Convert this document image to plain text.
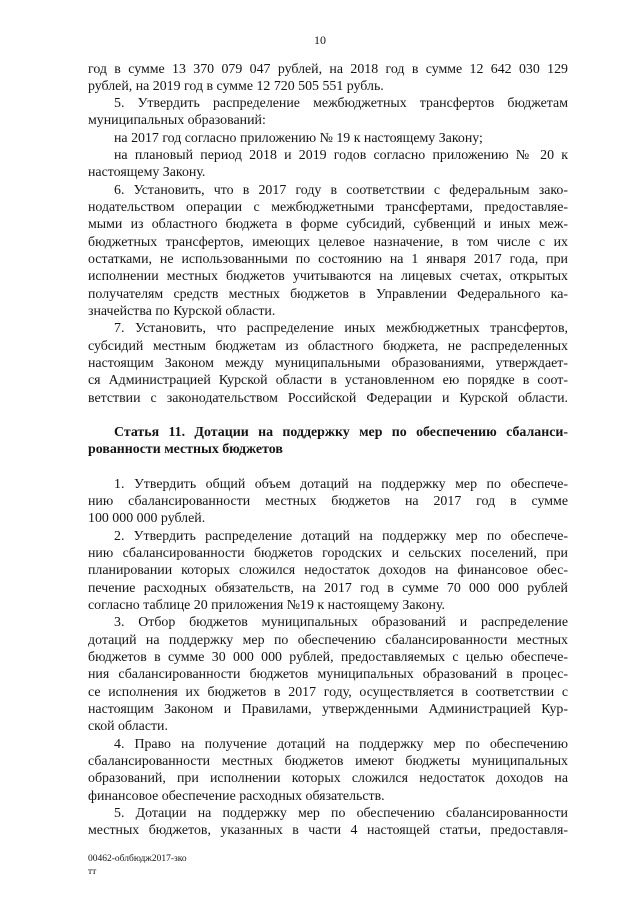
10

год в сумме 13 370 079 047 рублей, на 2018 год в сумме 12 642 030 129

рублей, на 2019 год в сумме 12 720 505 551 рубль.

5. Утвердить распределение межбюджетных трансфертов бюджетам

муниципальных образований:

на 2017 год согласно приложению № 19 к настоящему Закону;

на плановый период 2018 и 2019 годов согласно приложению № 20 к

настоящему Закону.

6. Установить, что в 2017 году в соответствии с федеральным зако-

нодательством операции с межбюджетными трансфертами, предоставляе-

мыми из областного бюджета в форме субсидий, субвенций и иных меж-

бюджетных трансфертов, имеющих целевое назначение, в том числе с их

остатками, не использованными по состоянию на 1 января 2017 года, при

исполнении местных бюджетов учитываются на лицевых счетах, открытых

получателям средств местных бюджетов в Управлении Федерального ка-

значейства по Курской области.

7. Установить, что распределение иных межбюджетных трансфертов,

субсидий местным бюджетам из областного бюджета, не распределенных

настоящим Законом между муниципальными образованиями, утверждает-

ся Администрацией Курской области в установленном ею порядке в соот-

ветствии с законодательством Российской Федерации и Курской области.

Статья 11. Дотации на поддержку мер по обеспечению сбаланси-

рованности местных бюджетов

1. Утвердить общий объем дотаций на поддержку мер по обеспече-

нию сбалансированности местных бюджетов на 2017 год в сумме

100 000 000 рублей.

2. Утвердить распределение дотаций на поддержку мер по обеспече-

нию сбалансированности бюджетов городских и сельских поселений, при

планировании которых сложился недостаток доходов на финансовое обес-

печение расходных обязательств, на 2017 год в сумме 70 000 000 рублей

согласно таблице 20 приложения №19 к настоящему Закону.

3. Отбор бюджетов муниципальных образований и распределение

дотаций на поддержку мер по обеспечению сбалансированности местных

бюджетов в сумме 30 000 000 рублей, предоставляемых с целью обеспече-

ния сбалансированности бюджетов муниципальных образований в процес-

се исполнения их бюджетов в 2017 году, осуществляется в соответствии с

настоящим Законом и Правилами, утвержденными Администрацией Кур-

ской области.

4. Право на получение дотаций на поддержку мер по обеспечению

сбалансированности местных бюджетов имеют бюджеты муниципальных

образований, при исполнении которых сложился недостаток доходов на

финансовое обеспечение расходных обязательств.

5. Дотации на поддержку мер по обеспечению сбалансированности

местных бюджетов, указанных в части 4 настоящей статьи, предоставля-

00462-облбюдж2017-зко

тт
